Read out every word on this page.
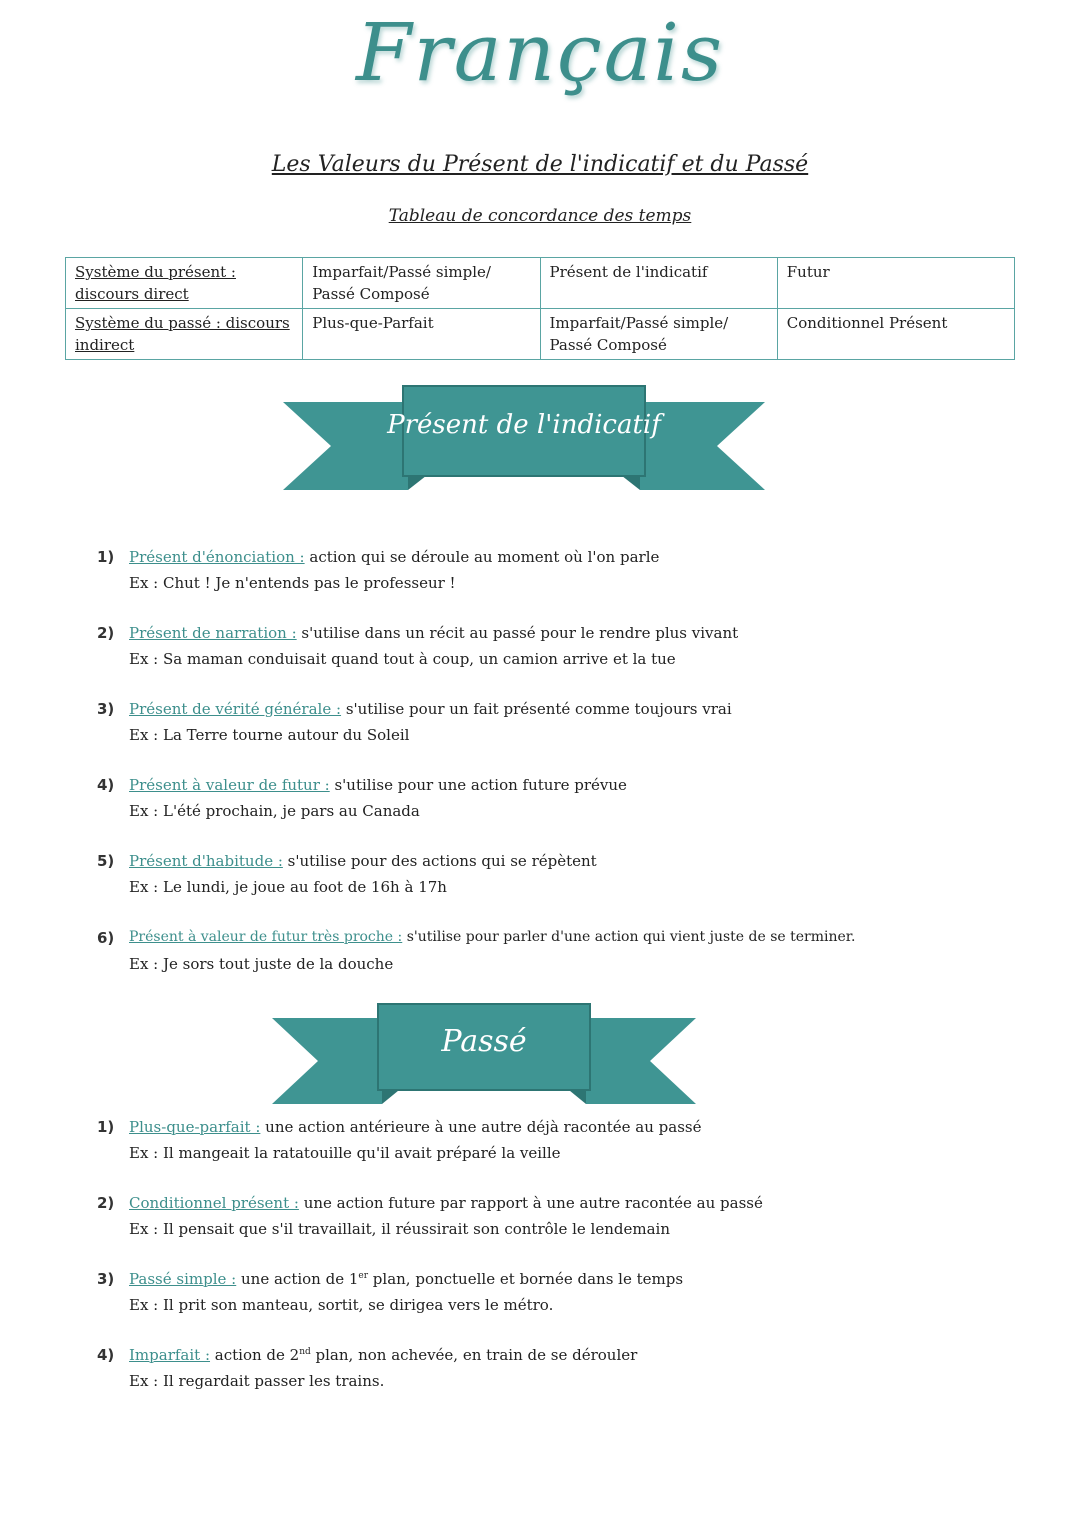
Français
Les Valeurs du Présent de l'indicatif et du Passé
Tableau de concordance des temps
Système du présent : discours direct	Imparfait/Passé simple/ Passé Composé	Présent de l'indicatif	Futur
Système du passé : discours indirect	Plus-que-Parfait	Imparfait/Passé simple/ Passé Composé	Conditionnel Présent
Présent de l'indicatif
1) Présent d'énonciation : action qui se déroule au moment où l'on parle
Ex : Chut ! Je n'entends pas le professeur !
2) Présent de narration : s'utilise dans un récit au passé pour le rendre plus vivant
Ex : Sa maman conduisait quand tout à coup, un camion arrive et la tue
3) Présent de vérité générale : s'utilise pour un fait présenté comme toujours vrai
Ex : La Terre tourne autour du Soleil
4) Présent à valeur de futur : s'utilise pour une action future prévue
Ex : L'été prochain, je pars au Canada
5) Présent d'habitude : s'utilise pour des actions qui se répètent
Ex : Le lundi, je joue au foot de 16h à 17h
6) Présent à valeur de futur très proche : s'utilise pour parler d'une action qui vient juste de se terminer.
Ex : Je sors tout juste de la douche
Passé
1) Plus-que-parfait : une action antérieure à une autre déjà racontée au passé
Ex : Il mangeait la ratatouille qu'il avait préparé la veille
2) Conditionnel présent : une action future par rapport à une autre racontée au passé
Ex : Il pensait que s'il travaillait, il réussirait son contrôle le lendemain
3) Passé simple : une action de 1er plan, ponctuelle et bornée dans le temps
Ex : Il prit son manteau, sortit, se dirigea vers le métro.
4) Imparfait : action de 2nd plan, non achevée, en train de se dérouler
Ex : Il regardait passer les trains.
